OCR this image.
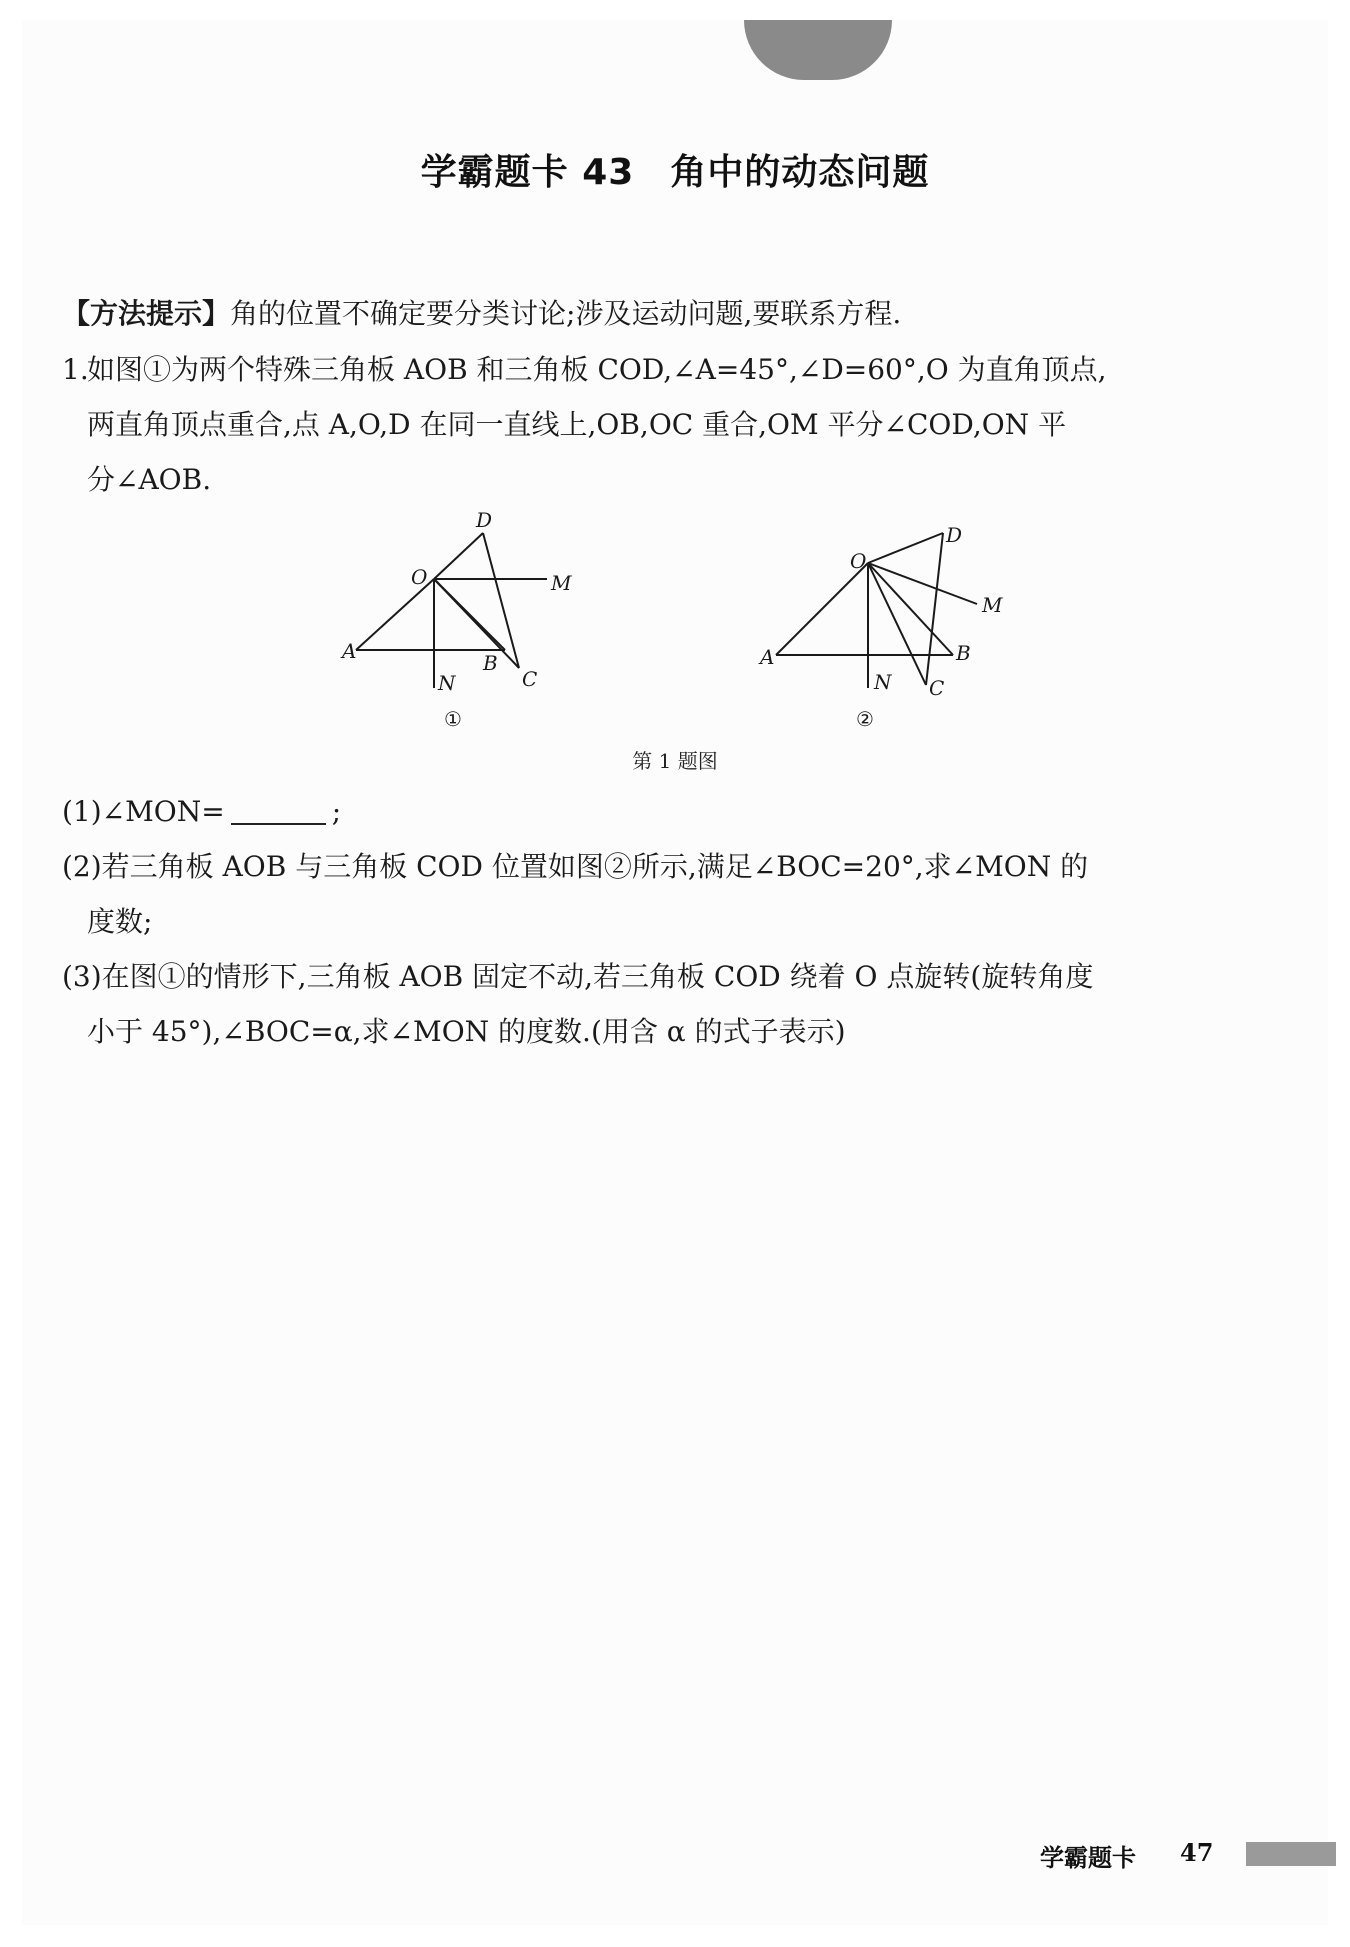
学霸题卡 43 角中的动态问题
【方法提示】角的位置不确定要分类讨论;涉及运动问题,要联系方程.
1.如图①为两个特殊三角板 AOB 和三角板 COD,∠A=45°,∠D=60°,O 为直角顶点,
两直角顶点重合,点 A,O,D 在同一直线上,OB,OC 重合,OM 平分∠COD,ON 平
分∠AOB.
D
O	M
A	B
N	C
①
D
O
M
A	B
N C
②
第 1 题图
(1)∠MON=	;
(2)若三角板 AOB 与三角板 COD 位置如图②所示,满足∠BOC=20°,求∠MON 的
度数;
(3)在图①的情形下,三角板 AOB 固定不动,若三角板 COD 绕着 O 点旋转(旋转角度
小于 45°),∠BOC=α,求∠MON 的度数.(用含 α 的式子表示)
学霸题卡 47
